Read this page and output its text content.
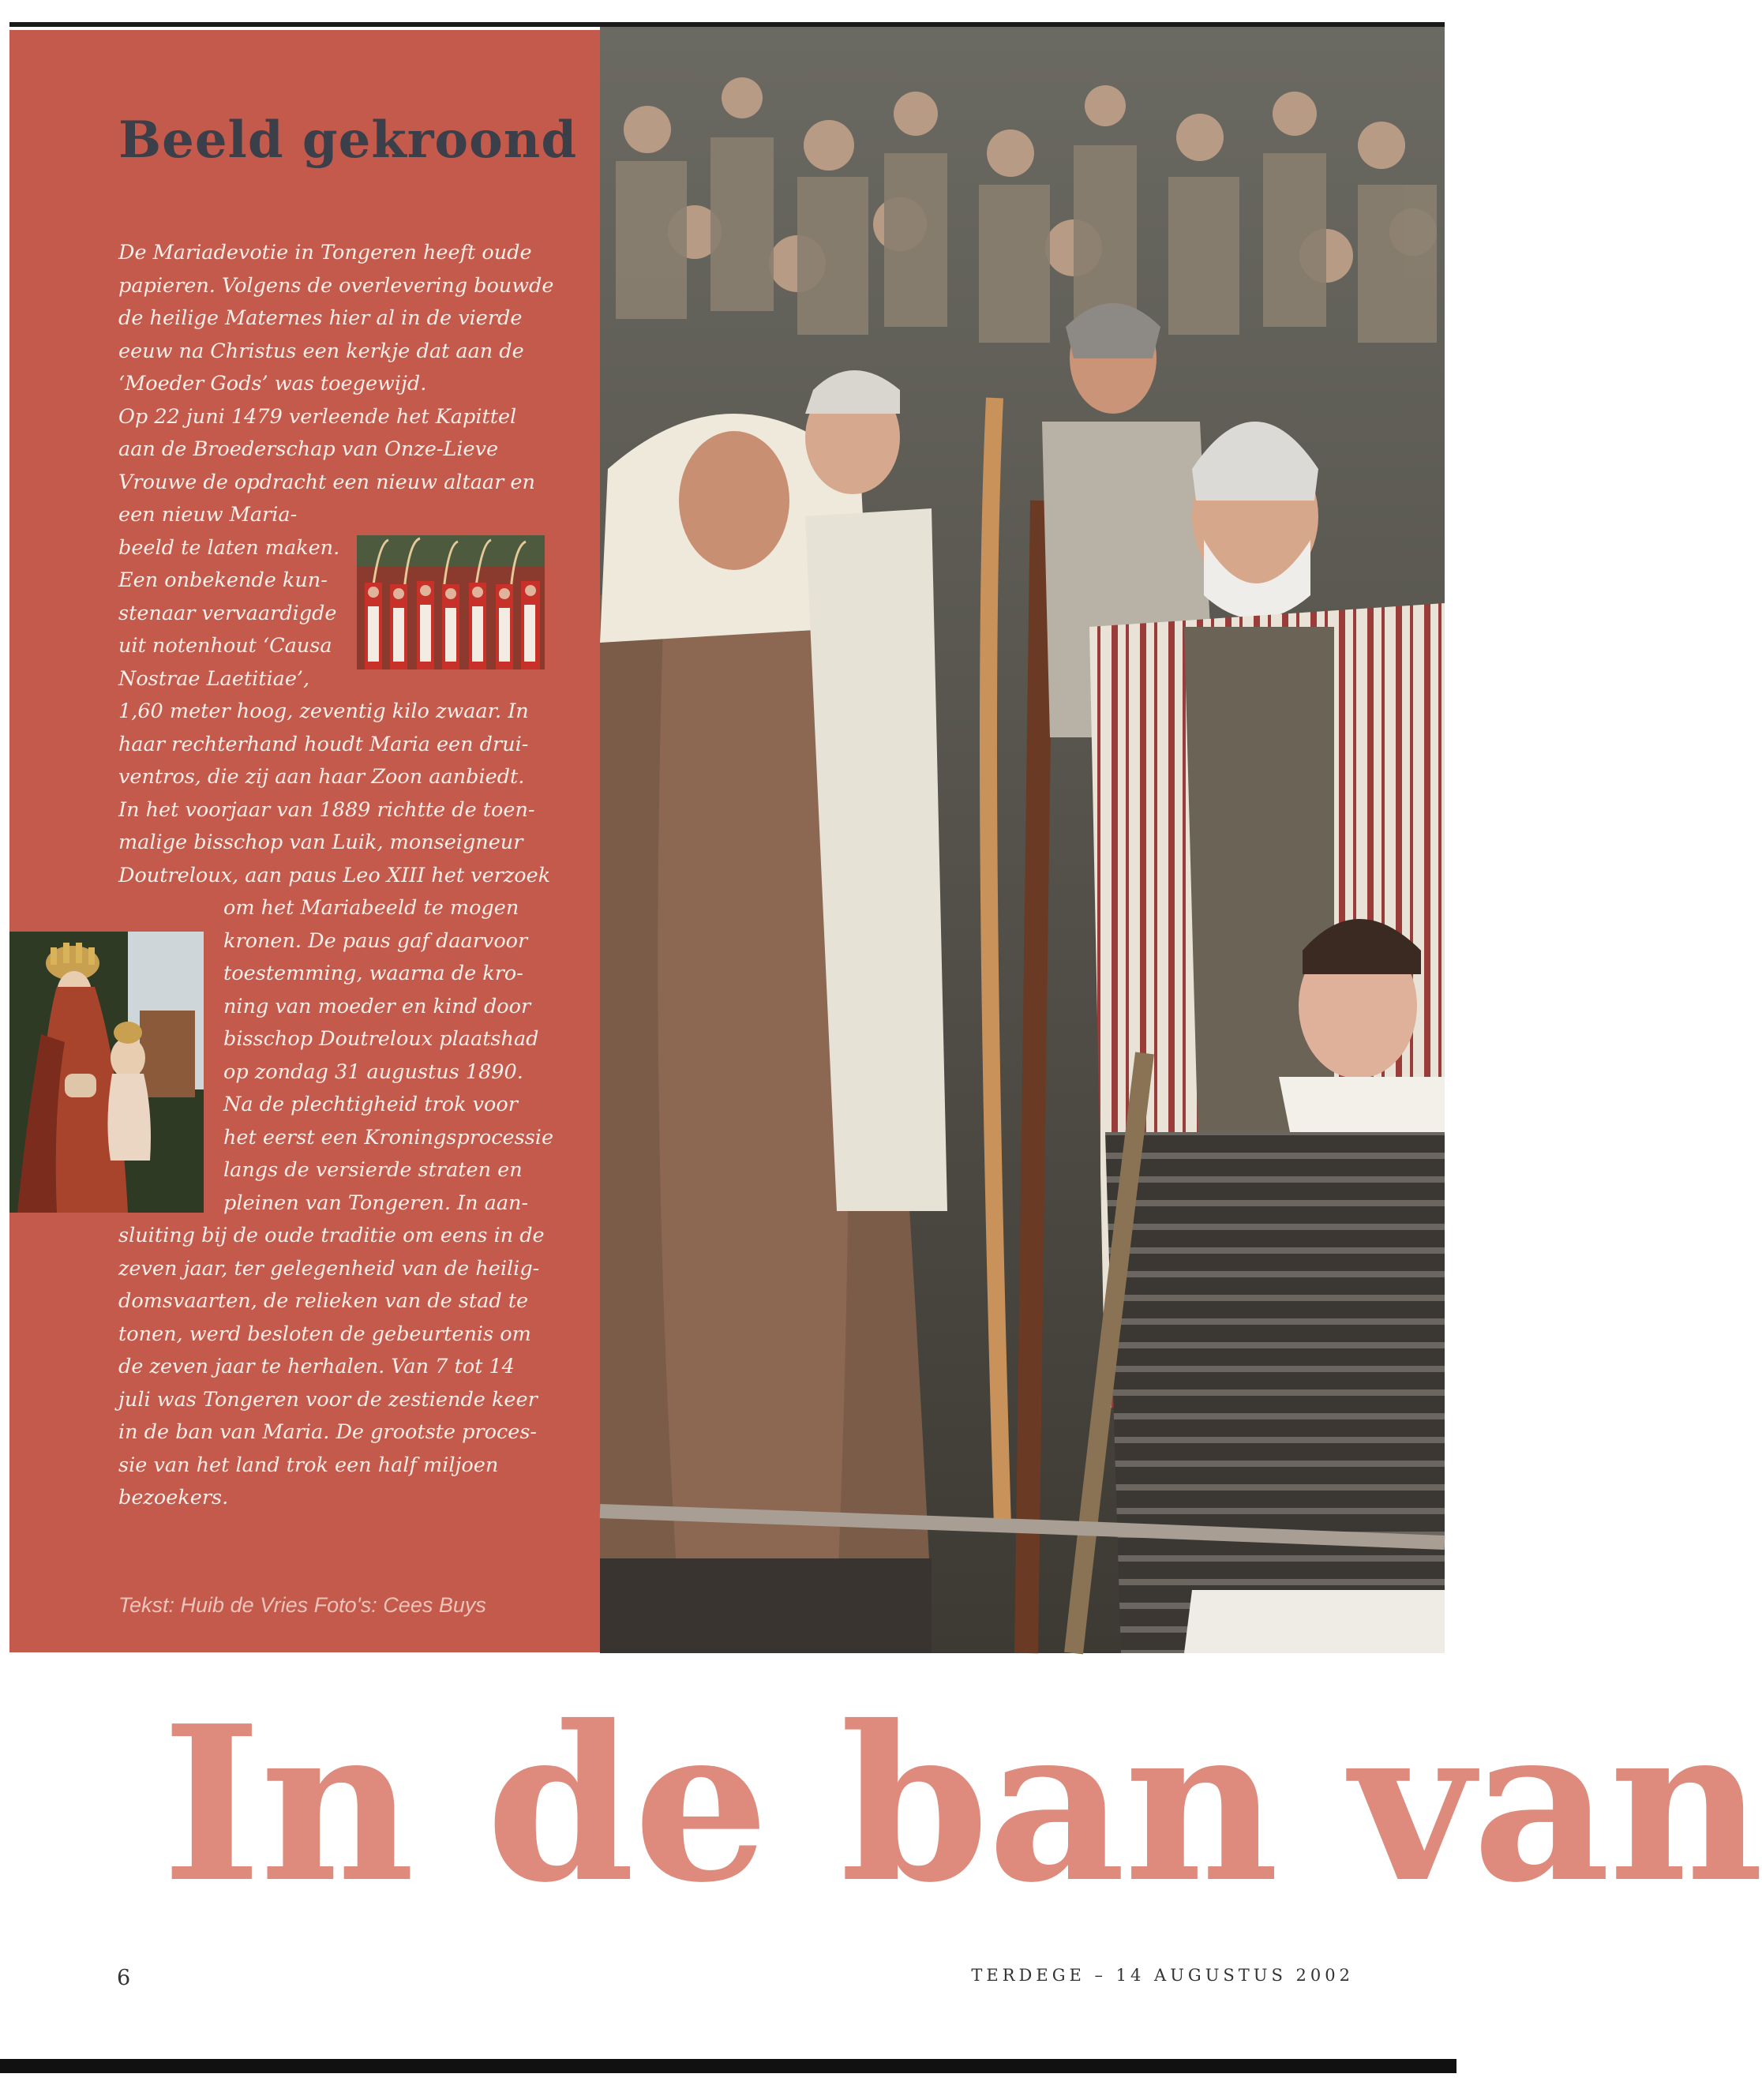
Beeld gekroond
De Mariadevotie in Tongeren heeft oude
papieren. Volgens de overlevering bouwde
de heilige Maternes hier al in de vierde
eeuw na Christus een kerkje dat aan de
‘Moeder Gods’ was toegewijd.
Op 22 juni 1479 verleende het Kapittel
aan de Broederschap van Onze-Lieve
Vrouwe de opdracht een nieuw altaar en
een nieuw Maria-
beeld te laten maken.
Een onbekende kun-
stenaar vervaardigde
uit notenhout ‘Causa
Nostrae Laetitiae’,
1,60 meter hoog, zeventig kilo zwaar. In
haar rechterhand houdt Maria een drui-
ventros, die zij aan haar Zoon aanbiedt.
In het voorjaar van 1889 richtte de toen-
malige bisschop van Luik, monseigneur
Doutreloux, aan paus Leo XIII het verzoek
om het Mariabeeld te mogen
kronen. De paus gaf daarvoor
toestemming, waarna de kro-
ning van moeder en kind door
bisschop Doutreloux plaatshad
op zondag 31 augustus 1890.
Na de plechtigheid trok voor
het eerst een Kroningsprocessie
langs de versierde straten en
pleinen van Tongeren. In aan-
sluiting bij de oude traditie om eens in de
zeven jaar, ter gelegenheid van de heilig-
domsvaarten, de relieken van de stad te
tonen, werd besloten de gebeurtenis om
de zeven jaar te herhalen. Van 7 tot 14
juli was Tongeren voor de zestiende keer
in de ban van Maria. De grootste proces-
sie van het land trok een half miljoen
bezoekers.
Tekst: Huib de Vries Foto's: Cees Buys
In de ban van
6	TERDEGE – 14 AUGUSTUS 2002
